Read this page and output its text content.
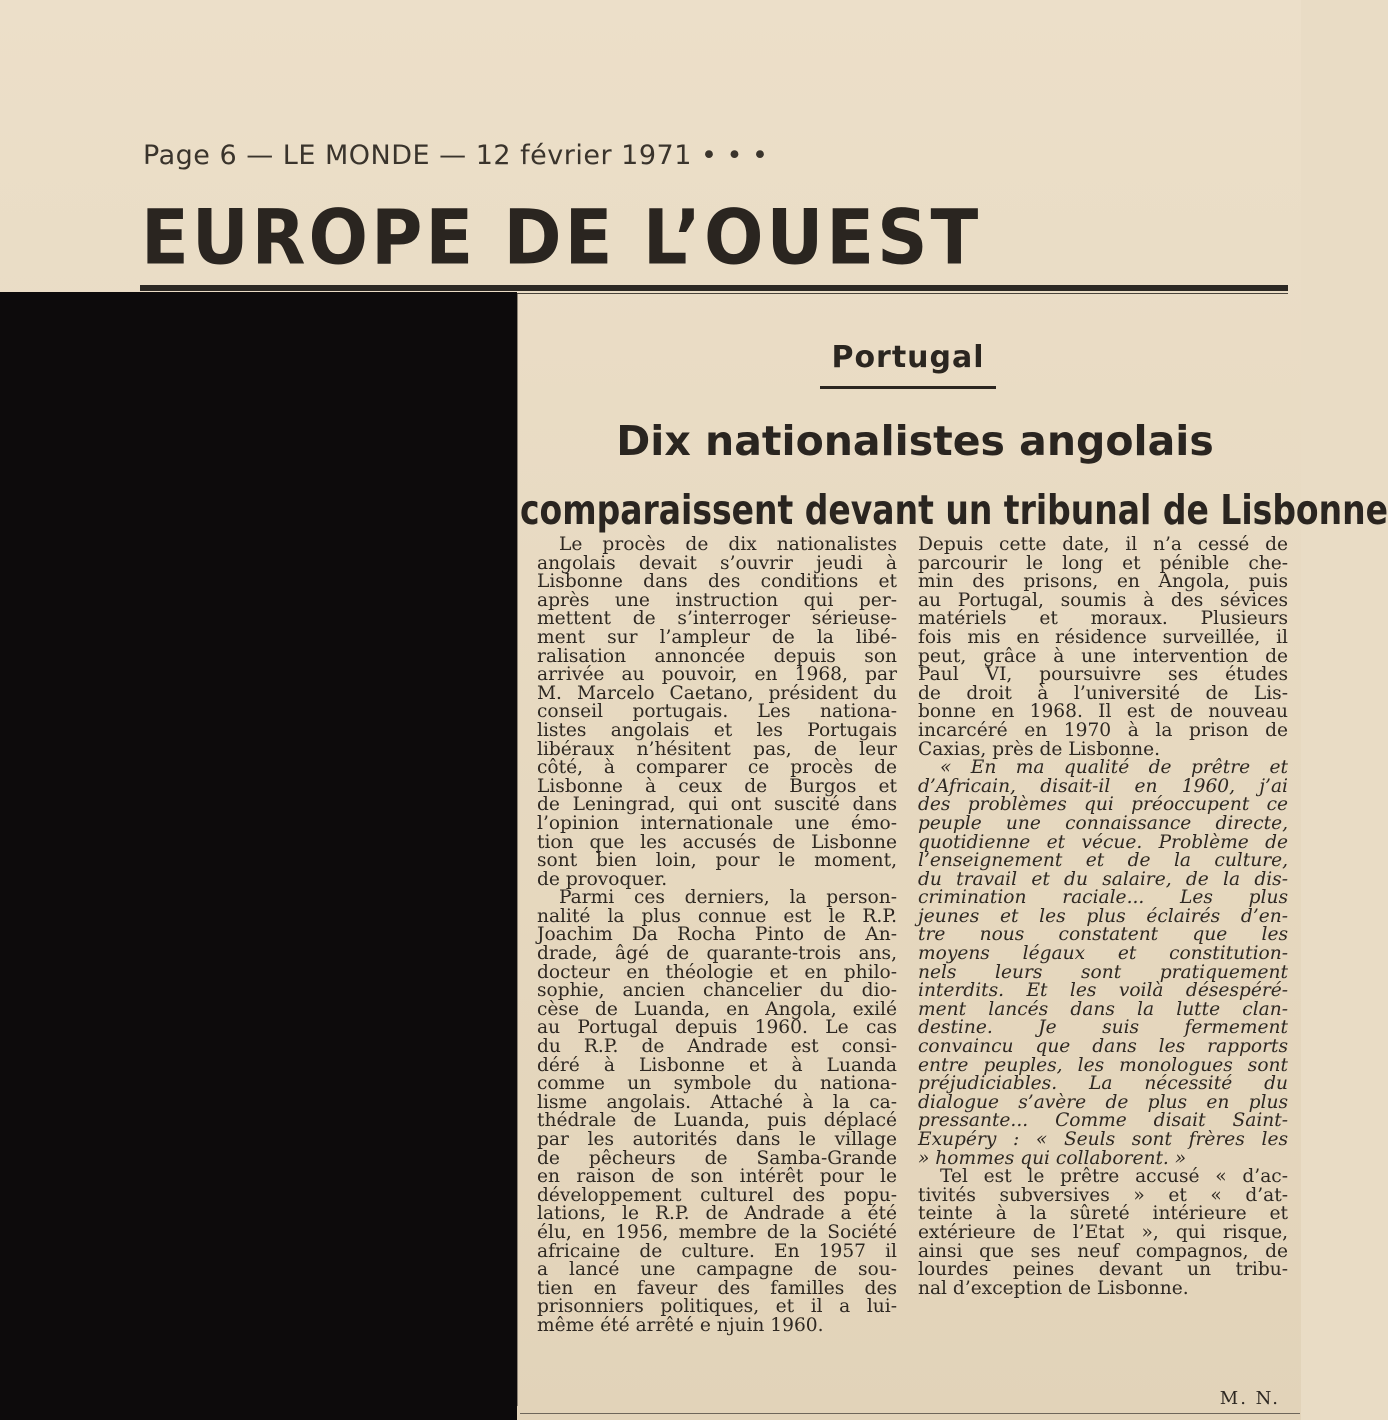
Page 6 — LE MONDE — 12 février 1971 • • •
EUROPE DE L’OUEST
Portugal
Dix nationalistes angolais
comparaissent devant un tribunal de Lisbonne
Le procès de dix nationalistes
angolais devait s’ouvrir jeudi à
Lisbonne dans des conditions et
après une instruction qui per-
mettent de s’interroger sérieuse-
ment sur l’ampleur de la libé-
ralisation annoncée depuis son
arrivée au pouvoir, en 1968, par
M. Marcelo Caetano, président du
conseil portugais. Les nationa-
listes angolais et les Portugais
libéraux n’hésitent pas, de leur
côté, à comparer ce procès de
Lisbonne à ceux de Burgos et
de Leningrad, qui ont suscité dans
l’opinion internationale une émo-
tion que les accusés de Lisbonne
sont bien loin, pour le moment,
de provoquer.
Parmi ces derniers, la person-
nalité la plus connue est le R.P.
Joachim Da Rocha Pinto de An-
drade, âgé de quarante-trois ans,
docteur en théologie et en philo-
sophie, ancien chancelier du dio-
cèse de Luanda, en Angola, exilé
au Portugal depuis 1960. Le cas
du R.P. de Andrade est consi-
déré à Lisbonne et à Luanda
comme un symbole du nationa-
lisme angolais. Attaché à la ca-
thédrale de Luanda, puis déplacé
par les autorités dans le village
de pêcheurs de Samba-Grande
en raison de son intérêt pour le
développement culturel des popu-
lations, le R.P. de Andrade a été
élu, en 1956, membre de la Société
africaine de culture. En 1957 il
a lancé une campagne de sou-
tien en faveur des familles des
prisonniers politiques, et il a lui-
même été arrêté e njuin 1960.
Depuis cette date, il n’a cessé de
parcourir le long et pénible che-
min des prisons, en Angola, puis
au Portugal, soumis à des sévices
matériels et moraux. Plusieurs
fois mis en résidence surveillée, il
peut, grâce à une intervention de
Paul VI, poursuivre ses études
de droit à l’université de Lis-
bonne en 1968. Il est de nouveau
incarcéré en 1970 à la prison de
Caxias, près de Lisbonne.
« En ma qualité de prêtre et
d’Africain, disait-il en 1960, j’ai
des problèmes qui préoccupent ce
peuple une connaissance directe,
quotidienne et vécue. Problème de
l’enseignement et de la culture,
du travail et du salaire, de la dis-
crimination raciale... Les plus
jeunes et les plus éclairés d’en-
tre nous constatent que les
moyens légaux et constitution-
nels leurs sont pratiquement
interdits. Et les voilà désespéré-
ment lancés dans la lutte clan-
destine. Je suis fermement
convaincu que dans les rapports
entre peuples, les monologues sont
préjudiciables. La nécessité du
dialogue s’avère de plus en plus
pressante... Comme disait Saint-
Exupéry : « Seuls sont frères les
» hommes qui collaborent. »
Tel est le prêtre accusé « d’ac-
tivités subversives » et « d’at-
teinte à la sûreté intérieure et
extérieure de l’Etat », qui risque,
ainsi que ses neuf compagnos, de
lourdes peines devant un tribu-
nal d’exception de Lisbonne.
M. N.
